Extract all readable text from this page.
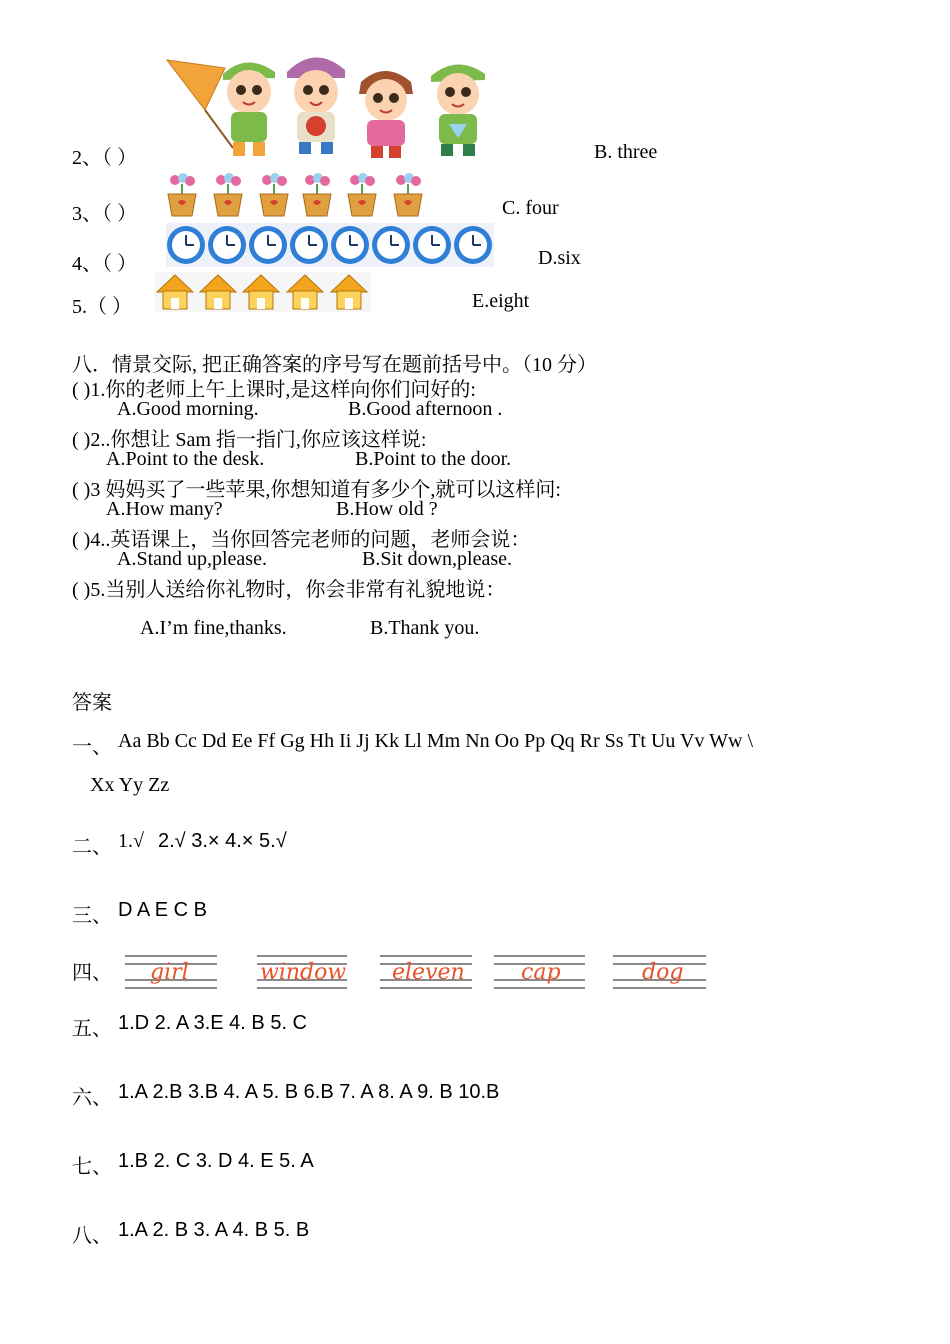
2、（ ）	B. three
3、（ ）	C. four
4、（ ）	D.six
5.（ ）	E.eight
八．情景交际, 把正确答案的序号写在题前括号中。（10 分）
( )1.你的老师上午上课时,是这样向你们问好的:
A.Good morning.	B.Good afternoon .
( )2..你想让 Sam 指一指门,你应该这样说:
A.Point to the desk.	B.Point to the door.
( )3 妈妈买了一些苹果,你想知道有多少个,就可以这样问:
A.How many?	B.How old ?
( )4..英语课上，当你回答完老师的问题，老师会说：
A.Stand up,please.	B.Sit down,please.
( )5.当别人送给你礼物时，你会非常有礼貌地说：
A.I’m fine,thanks.	B.Thank you.
答案
一、 Aa Bb Cc Dd Ee Ff Gg Hh Ii Jj Kk Ll Mm Nn Oo Pp Qq Rr Ss Tt Uu Vv Ww \
Xx Yy Zz
二、 1.√ 2.√ 3.× 4.× 5.√
三、 D A E C B
四、 girl	window eleven	cap	dog
五、 1.D 2. A 3.E 4. B 5. C
六、 1.A 2.B 3.B 4. A 5. B 6.B 7. A 8. A 9. B 10.B
七、 1.B 2. C 3. D 4. E 5. A
八、 1.A 2. B 3. A 4. B 5. B
